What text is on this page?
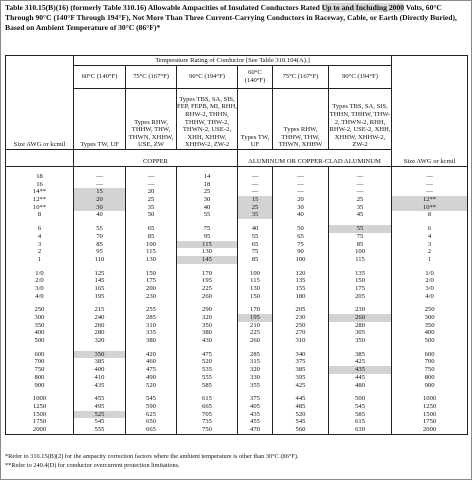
Table 310.15(B)(16) (formerly Table 310.16) Allowable Ampacities of Insulated Conductors Rated Up to and Including 2000 Volts, 60°C Through 90°C (140°F Through 194°F), Not More Than Three Current-Carrying Conductors in Raceway, Cable, or Earth (Directly Buried), Based on Ambient Temperature of 30°C (86°F)*
Size AWG or kcmil	Temperature Rating of Conductor [See Table 310.104(A).]						
	60°C (140°F)	75°C (167°F)	90°C (194°F)	60°C (140°F)	75°C (167°F)	90°C (194°F)	
	Types TW, UF	Types RHW, THHW, THW, THWN, XHHW, USE, ZW	Types TBS, SA, SIS, FEP, FEPB, MI, RHH, RHW-2, THHN, THHW, THW-2, THWN-2, USE-2, XHH, XHHW, XHHW-2, ZW-2	Types TW, UF	Types RHW, THHW, THW, THWN, XHHW	Types TBS, SA, SIS, THHN, THHW, THW-2, THWN-2, RHH, RHW-2, USE-2, XHH, XHHW, XHHW-2, ZW-2	
	COPPER			ALUMINUM OR COPPER-CLAD ALUMINUM			Size AWG or kcmil

18	—	—	14	—	—	—	—
16	—	—	18	—	—	—	—
14**	15	20	25	—	—	—	—
12**	20	25	30	15	20	25	12**
10**	30	35	40	25	30	35	10**
8	40	50	55	35	40	45	8

6	55	65	75	40	50	55	6
4	70	85	95	55	65	75	4
3	85	100	115	65	75	85	3
2	95	115	130	75	90	100	2
1	110	130	145	85	100	115	1

1/0	125	150	170	100	120	135	1/0
2/0	145	175	195	115	135	150	2/0
3/0	165	200	225	130	155	175	3/0
4/0	195	230	260	150	180	205	4/0

250	215	255	290	170	205	230	250
300	240	285	320	195	230	260	300
350	260	310	350	210	250	280	350
400	280	335	380	225	270	305	400
500	320	380	430	260	310	350	500

600	350	420	475	285	340	385	600
700	385	460	520	315	375	425	700
750	400	475	535	320	385	435	750
800	410	490	555	330	395	445	800
900	435	520	585	355	425	480	900

1000	455	545	615	375	445	500	1000
1250	495	590	665	405	485	545	1250
1500	525	625	705	435	520	585	1500
1750	545	650	735	455	545	615	1750
2000	555	665	750	470	560	630	2000
*Refer to 310.15(B)(2) for the ampacity correction factors where the ambient temperature is other than 30°C (86°F).
**Refer to 240.4(D) for conductor overcurrent protection limitations.
